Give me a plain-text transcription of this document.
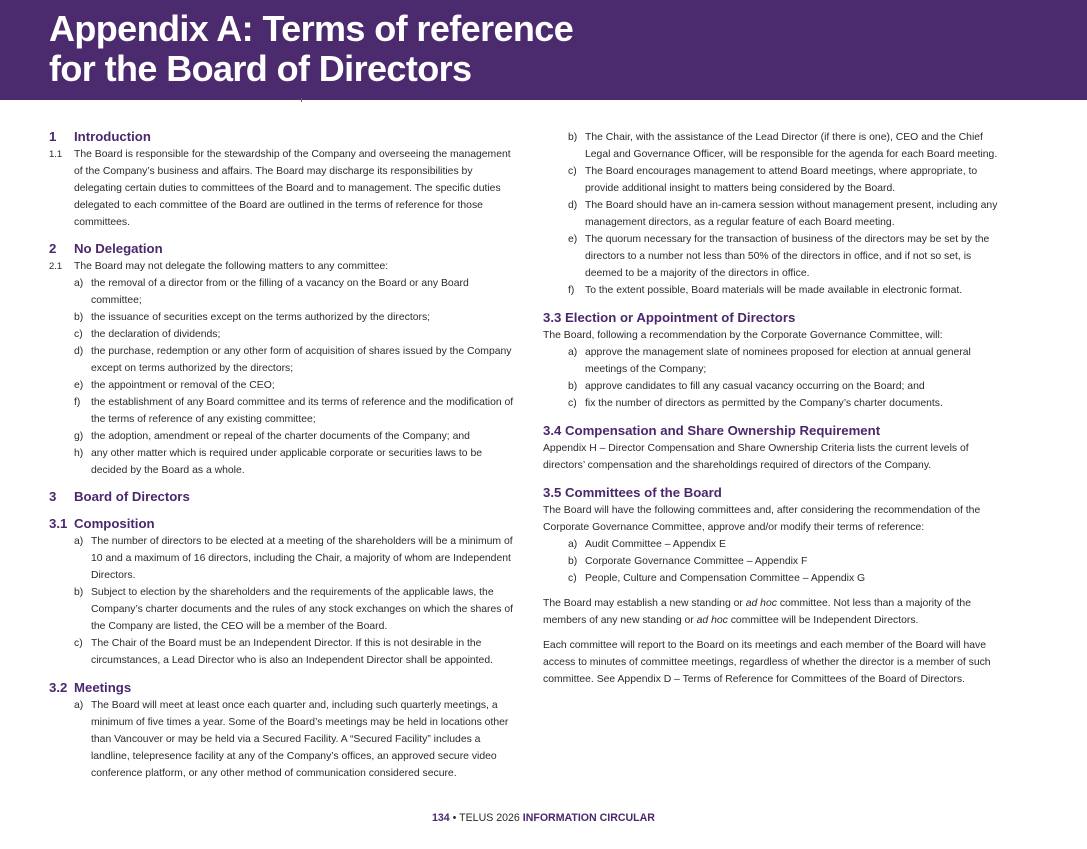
Appendix A: Terms of reference
for the Board of Directors
1	Introduction
1.1	The Board is responsible for the stewardship of the Company and overseeing the management of the Company’s business and affairs. The Board may discharge its responsibilities by delegating certain duties to committees of the Board and to management. The specific duties delegated to each committee of the Board are outlined in the terms of reference for those committees.
2	No Delegation
2.1	The Board may not delegate the following matters to any committee:
a) the removal of a director from or the filling of a vacancy on the Board or any Board committee;
b) the issuance of securities except on the terms authorized by the directors;
c) the declaration of dividends;
d) the purchase, redemption or any other form of acquisition of shares issued by the Company except on terms authorized by the directors;
e) the appointment or removal of the CEO;
f)	the establishment of any Board committee and its terms of reference and the modification of the terms of reference of any existing committee;
g) the adoption, amendment or repeal of the charter documents of the Company; and
h) any other matter which is required under applicable corporate or securities laws to be decided by the Board as a whole.
3	Board of Directors
3.1 Composition
a) The number of directors to be elected at a meeting of the shareholders will be a minimum of 10 and a maximum of 16 directors, including the Chair, a majority of whom are Independent Directors.
b) Subject to election by the shareholders and the requirements of the applicable laws, the Company’s charter documents and the rules of any stock exchanges on which the shares of the Company are listed, the CEO will be a member of the Board.
c) The Chair of the Board must be an Independent Director. If this is not desirable in the circumstances, a Lead Director who is also an Independent Director shall be appointed.
3.2 Meetings
a) The Board will meet at least once each quarter and, including such quarterly meetings, a minimum of five times a year. Some of the Board’s meetings may be held in locations other than Vancouver or may be held via a Secured Facility. A “Secured Facility” includes a landline, telepresence facility at any of the Company’s offices, an approved secure video conference platform, or any other method of communication considered secure.
b) The Chair, with the assistance of the Lead Director (if there is one), CEO and the Chief Legal and Governance Officer, will be responsible for the agenda for each Board meeting.
c) The Board encourages management to attend Board meetings, where appropriate, to provide additional insight to matters being considered by the Board.
d) The Board should have an in-camera session without management present, including any management directors, as a regular feature of each Board meeting.
e) The quorum necessary for the transaction of business of the directors may be set by the directors to a number not less than 50% of the directors in office, and if not so set, is deemed to be a majority of the directors in office.
f)	To the extent possible, Board materials will be made available in electronic format.
3.3 Election or Appointment of Directors

The Board, following a recommendation by the Corporate Governance Committee, will:

a) approve the management slate of nominees proposed for election at annual general meetings of the Company;
b) approve candidates to fill any casual vacancy occurring on the Board; and
c) fix the number of directors as permitted by the Company’s charter documents.
3.4 Compensation and Share Ownership Requirement

Appendix H – Director Compensation and Share Ownership Criteria lists the current levels of directors’ compensation and the shareholdings required of directors of the Company.

3.5 Committees of the Board

The Board will have the following committees and, after considering the recommendation of the Corporate Governance Committee, approve and/or modify their terms of reference:

a) Audit Committee – Appendix E
b) Corporate Governance Committee – Appendix F
c) People, Culture and Compensation Committee – Appendix G

The Board may establish a new standing or ad hoc committee. Not less than a majority of the members of any new standing or ad hoc committee will be Independent Directors.

Each committee will report to the Board on its meetings and each member of the Board will have access to minutes of committee meetings, regardless of whether the director is a member of such committee. See Appendix D – Terms of Reference for Committees of the Board of Directors.

134 • TELUS 2026 INFORMATION CIRCULAR
